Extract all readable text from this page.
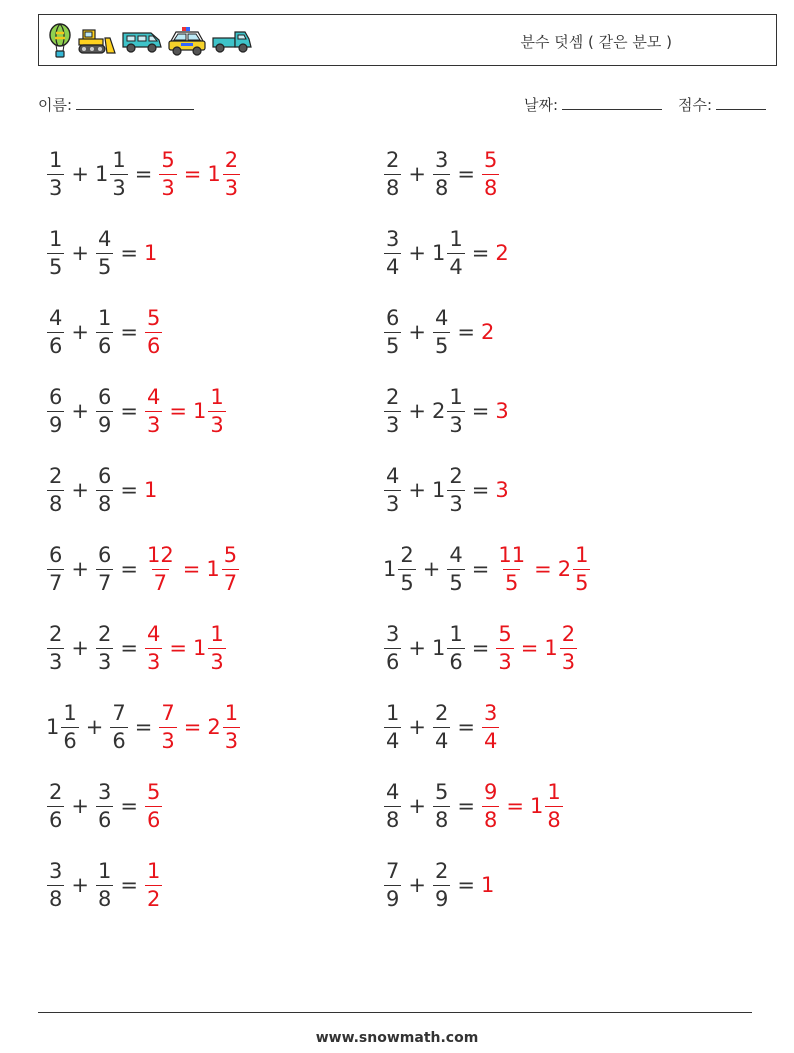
분수 덧셈 ( 같은 분모 )
이름:	날짜:	점수:
$\frac{1}{3} + 1 \frac{1}{3} = \frac{5}{3} = 1 \frac{2}{3}$	$\frac{2}{8} + \frac{3}{8} = \frac{5}{8}$
$\frac{1}{5} + \frac{4}{5} = 1$	$\frac{3}{4} + 1 \frac{1}{4} = 2$
$\frac{4}{6} + \frac{1}{6} = \frac{5}{6}$	$\frac{6}{5} + \frac{4}{5} = 2$
$\frac{6}{9} + \frac{6}{9} = \frac{4}{3} = 1 \frac{1}{3}$	$\frac{2}{3} + 2 \frac{1}{3} = 3$
$\frac{2}{8} + \frac{6}{8} = 1$	$\frac{4}{3} + 1 \frac{2}{3} = 3$
$\frac{6}{7} + \frac{6}{7} = \frac{12}{7} = 1 \frac{5}{7}$	$1 \frac{2}{5} + \frac{4}{5} = \frac{11}{5} = 2 \frac{1}{5}$
$\frac{2}{3} + \frac{2}{3} = \frac{4}{3} = 1 \frac{1}{3}$	$\frac{3}{6} + 1 \frac{1}{6} = \frac{5}{3} = 1 \frac{2}{3}$
$1 \frac{1}{6} + \frac{7}{6} = \frac{7}{3} = 2 \frac{1}{3}$	$\frac{1}{4} + \frac{2}{4} = \frac{3}{4}$
$\frac{2}{6} + \frac{3}{6} = \frac{5}{6}$	$\frac{4}{8} + \frac{5}{8} = \frac{9}{8} = 1 \frac{1}{8}$
$\frac{3}{8} + \frac{1}{8} = \frac{1}{2}$	$\frac{7}{9} + \frac{2}{9} = 1$
www.snowmath.com
